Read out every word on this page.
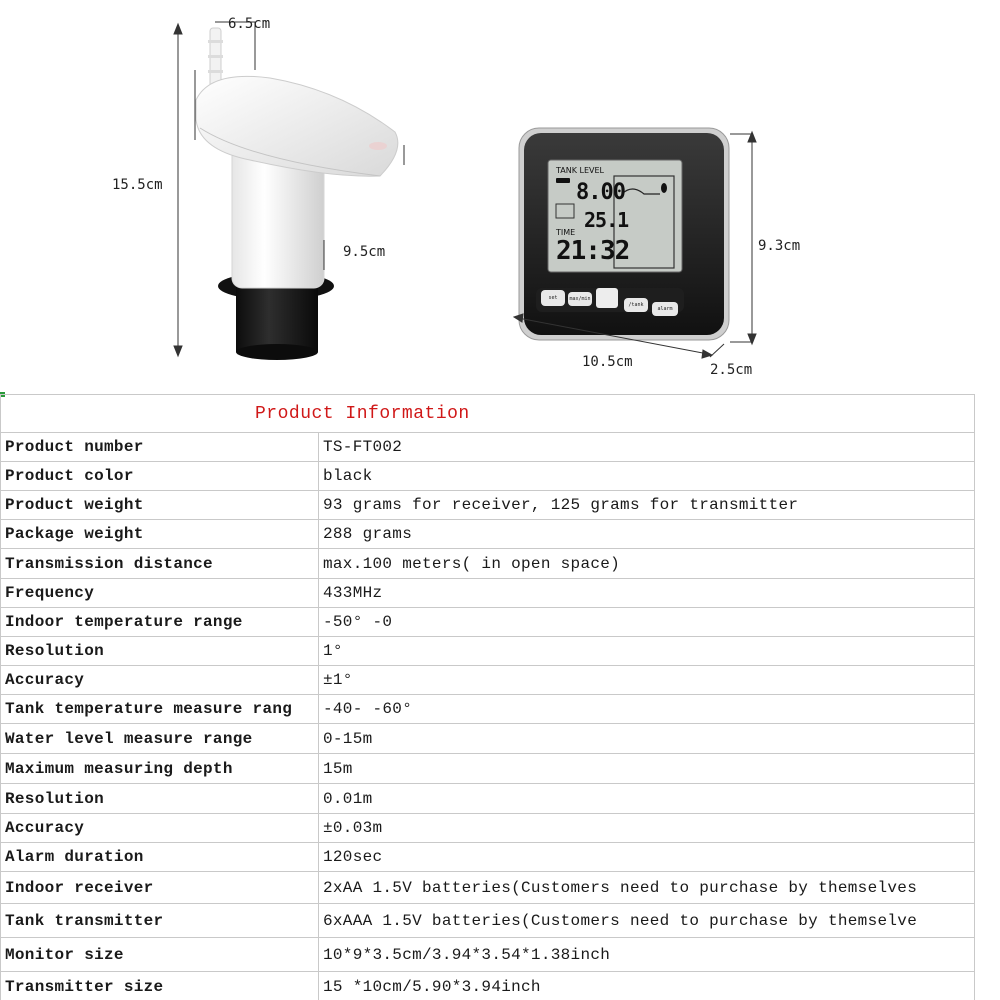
TANK LEVEL
8.00
25.1
TIME
21:32
set	max/min
/tank
alarm
6.5cm
15.5cm
9.5cm	9.3cm
10.5cm	2.5cm
Product Information
Product number	TS-FT002
Product color	black
Product weight	93 grams for receiver, 125 grams for transmitter
Package weight	288 grams
Transmission distance	max.100 meters( in open space)
Frequency	433MHz
Indoor temperature range	-50° -0
Resolution	1°
Accuracy	±1°
Tank temperature measure rang	-40- -60°
Water level measure range	0-15m
Maximum measuring depth	15m
Resolution	0.01m
Accuracy	±0.03m
Alarm duration	120sec
Indoor receiver	2xAA 1.5V batteries(Customers need to purchase by themselves
Tank transmitter	6xAAA 1.5V batteries(Customers need to purchase by themselve
Monitor size	10*9*3.5cm/3.94*3.54*1.38inch
Transmitter size	15 *10cm/5.90*3.94inch
